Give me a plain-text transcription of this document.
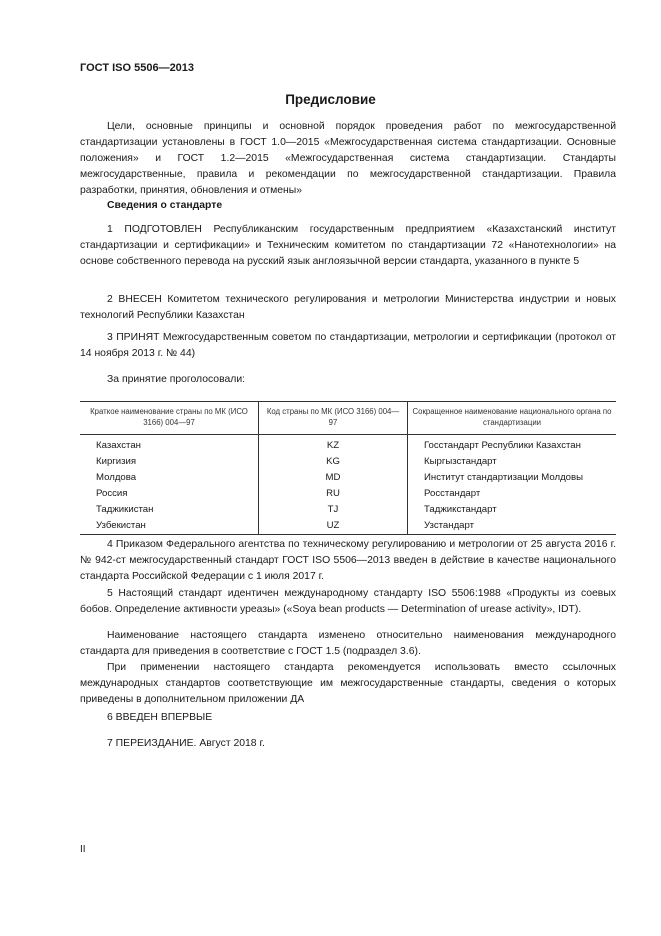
ГОСТ ISO 5506—2013
Предисловие
Цели, основные принципы и основной порядок проведения работ по межгосударственной стандартизации установлены в ГОСТ 1.0—2015 «Межгосударственная система стандартизации. Основные положения» и ГОСТ 1.2—2015 «Межгосударственная система стандартизации. Стандарты межгосударственные, правила и рекомендации по межгосударственной стандартизации. Правила разработки, принятия, обновления и отмены»
Сведения о стандарте
1 ПОДГОТОВЛЕН Республиканским государственным предприятием «Казахстанский институт стандартизации и сертификации» и Техническим комитетом по стандартизации 72 «Нанотехнологии» на основе собственного перевода на русский язык англоязычной версии стандарта, указанного в пункте 5
2 ВНЕСЕН Комитетом технического регулирования и метрологии Министерства индустрии и новых технологий Республики Казахстан
3 ПРИНЯТ Межгосударственным советом по стандартизации, метрологии и сертификации (протокол от 14 ноября 2013 г. № 44)
За принятие проголосовали:
Краткое наименование страны по МК (ИСО 3166) 004—97	Код страны по МК (ИСО 3166) 004—97	Сокращенное наименование национального органа по стандартизации
Казахстан	KZ	Госстандарт Республики Казахстан
Киргизия	KG	Кыргызстандарт
Молдова	MD	Институт стандартизации Молдовы
Россия	RU	Росстандарт
Таджикистан	TJ	Таджикстандарт
Узбекистан	UZ	Узстандарт
4 Приказом Федерального агентства по техническому регулированию и метрологии от 25 августа 2016 г. № 942-ст межгосударственный стандарт ГОСТ ISO 5506—2013 введен в действие в качестве национального стандарта Российской Федерации с 1 июля 2017 г.
5 Настоящий стандарт идентичен международному стандарту ISO 5506:1988 «Продукты из соевых бобов. Определение активности уреазы» («Soya bean products — Determination of urease activity», IDT).
Наименование настоящего стандарта изменено относительно наименования международного стандарта для приведения в соответствие с ГОСТ 1.5 (подраздел 3.6).
При применении настоящего стандарта рекомендуется использовать вместо ссылочных международных стандартов соответствующие им межгосударственные стандарты, сведения о которых приведены в дополнительном приложении ДА
6 ВВЕДЕН ВПЕРВЫЕ
7 ПЕРЕИЗДАНИЕ. Август 2018 г.
II
